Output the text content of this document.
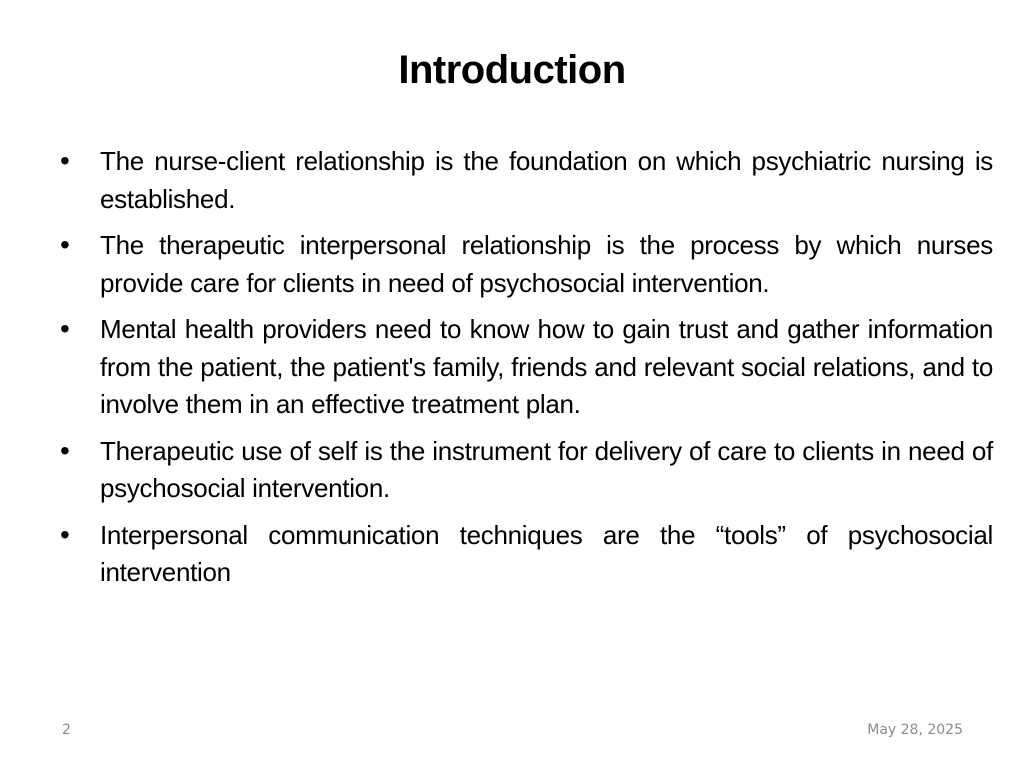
Introduction
•	The nurse-client relationship is the foundation on which psychiatric nursing is established.
•	The therapeutic interpersonal relationship is the process by which nurses provide care for clients in need of psychosocial intervention.
•	Mental health providers need to know how to gain trust and gather information from the patient, the patient's family, friends and relevant social relations, and to involve them in an effective treatment plan.
•	Therapeutic use of self is the instrument for delivery of care to clients in need of psychosocial intervention.
•	Interpersonal communication techniques are the “tools” of psychosocial intervention
2	May 28, 2025
